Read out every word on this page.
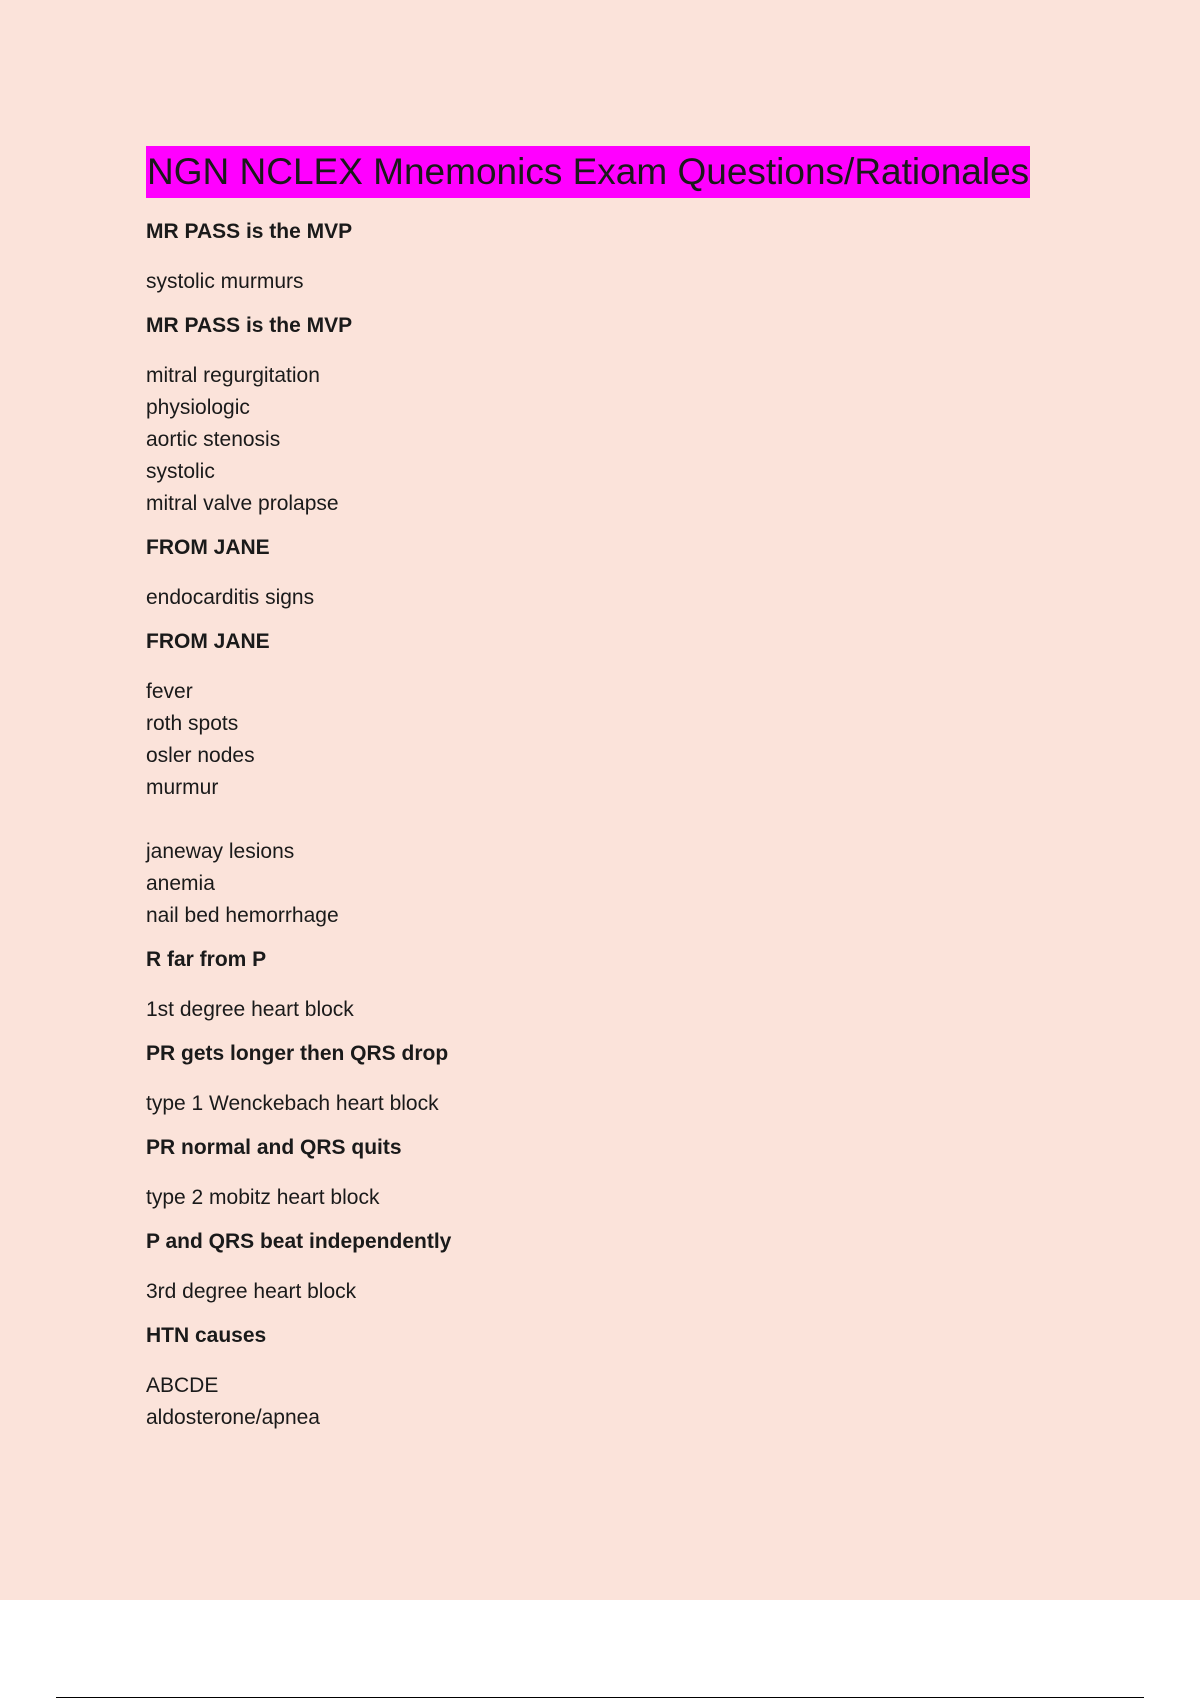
NGN NCLEX Mnemonics Exam Questions/Rationales
MR PASS is the MVP
systolic murmurs
MR PASS is the MVP
mitral regurgitation
physiologic
aortic stenosis
systolic
mitral valve prolapse
FROM JANE
endocarditis signs
FROM JANE
fever
roth spots
osler nodes
murmur
janeway lesions
anemia
nail bed hemorrhage
R far from P
1st degree heart block
PR gets longer then QRS drop
type 1 Wenckebach heart block
PR normal and QRS quits
type 2 mobitz heart block
P and QRS beat independently
3rd degree heart block
HTN causes
ABCDE
aldosterone/apnea
